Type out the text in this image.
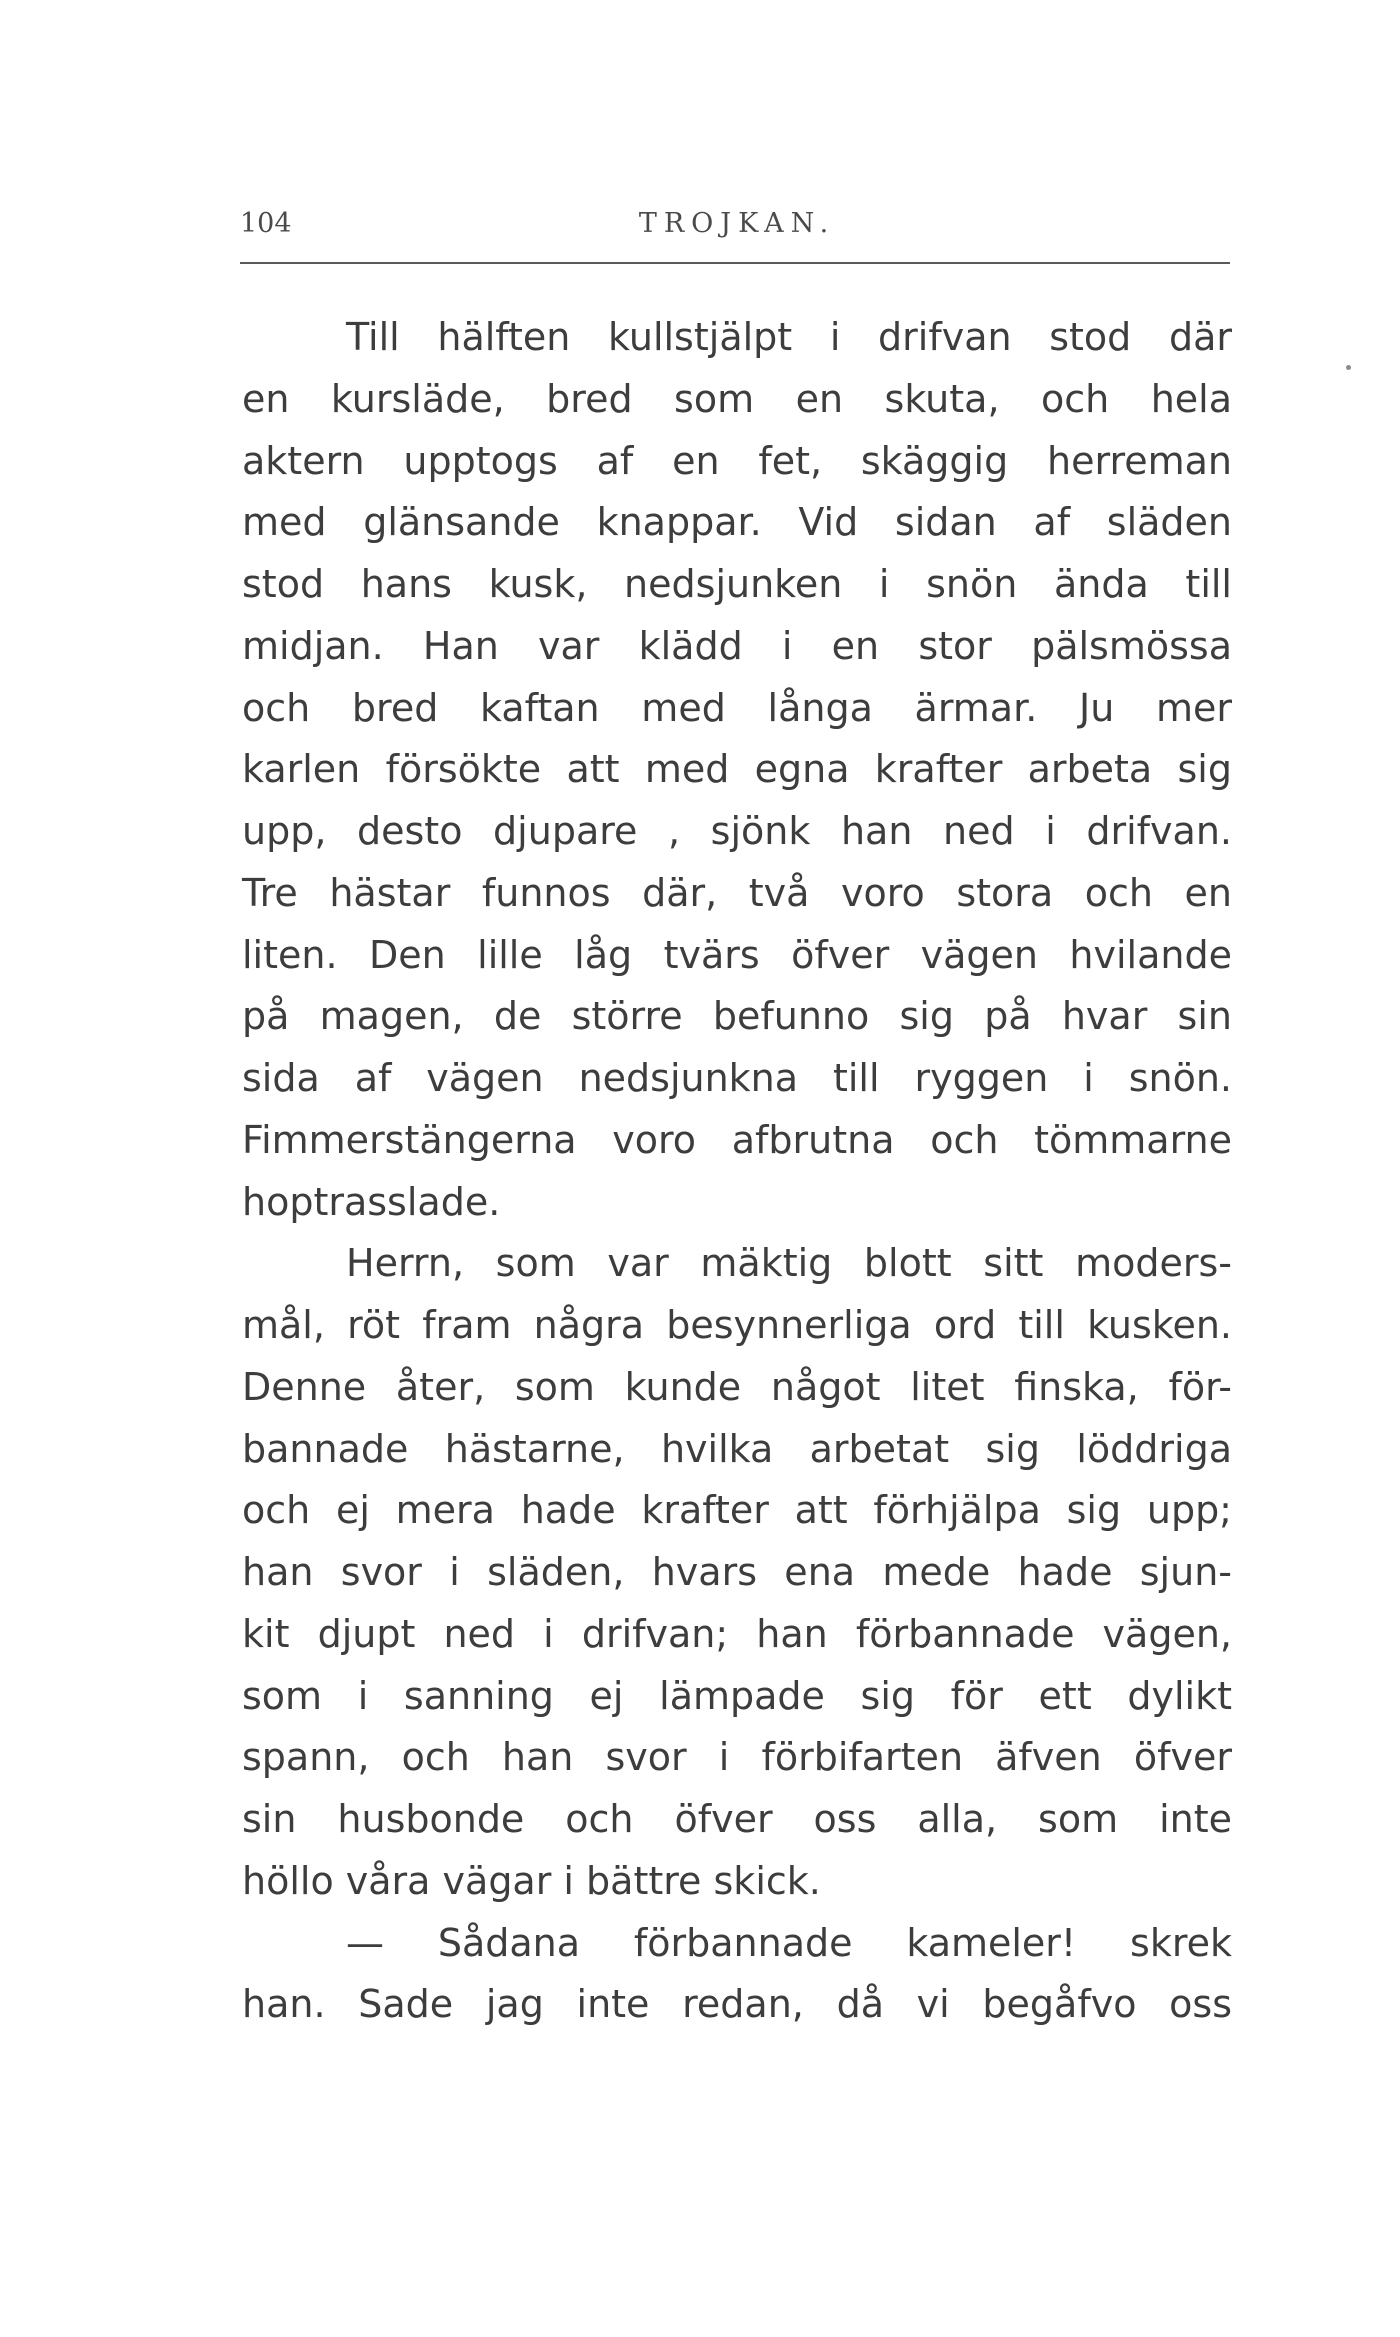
104	TROJKAN.
Till hälften kullstjälpt i drifvan stod där
en kursläde, bred som en skuta, och hela
aktern upptogs af en fet, skäggig herreman
med glänsande knappar. Vid sidan af släden
stod hans kusk, nedsjunken i snön ända till
midjan. Han var klädd i en stor pälsmössa
och bred kaftan med långa ärmar. Ju mer
karlen försökte att med egna krafter arbeta sig
upp, desto djupare , sjönk han ned i drifvan.
Tre hästar funnos där, två voro stora och en
liten. Den lille låg tvärs öfver vägen hvilande
på magen, de större befunno sig på hvar sin
sida af vägen nedsjunkna till ryggen i snön.
Fimmerstängerna voro afbrutna och tömmarne
hoptrasslade.
Herrn, som var mäktig blott sitt moders-
mål, röt fram några besynnerliga ord till kusken.
Denne åter, som kunde något litet finska, för-
bannade hästarne, hvilka arbetat sig löddriga
och ej mera hade krafter att förhjälpa sig upp;
han svor i släden, hvars ena mede hade sjun-
kit djupt ned i drifvan; han förbannade vägen,
som i sanning ej lämpade sig för ett dylikt
spann, och han svor i förbifarten äfven öfver
sin husbonde och öfver oss alla, som inte
höllo våra vägar i bättre skick.
— Sådana förbannade kameler! skrek
han. Sade jag inte redan, då vi begåfvo oss
